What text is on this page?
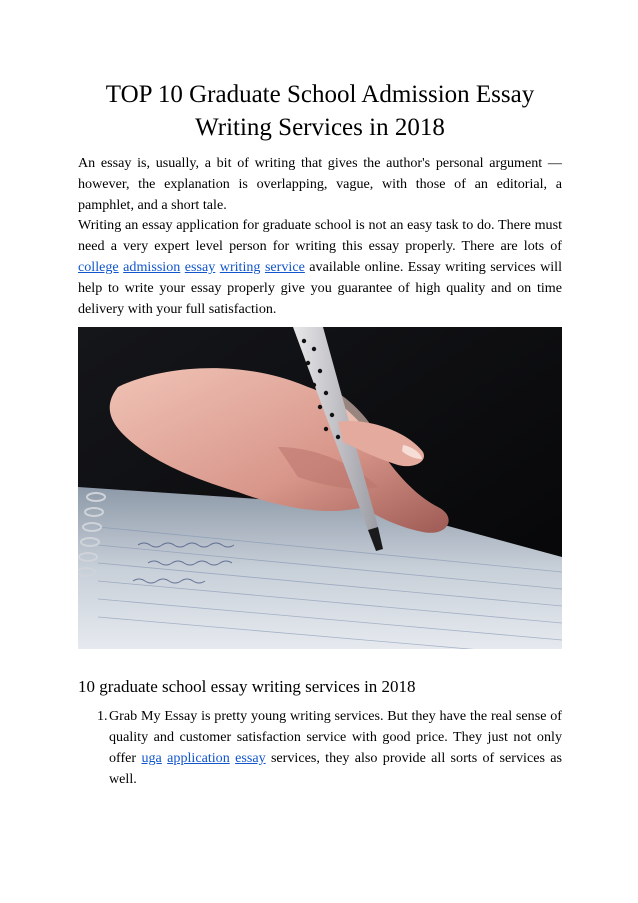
TOP 10 Graduate School Admission Essay
Writing Services in 2018

An essay is, usually, a bit of writing that gives the author's personal argument — however, the explanation is overlapping, vague, with those of an editorial, a pamphlet, and a short tale.

Writing an essay application for graduate school is not an easy task to do. There must need a very expert level person for writing this essay properly. There are lots of college admission essay writing service available online. Essay writing services will help to write your essay properly give you guarantee of high quality and on time delivery with your full satisfaction.

10 graduate school essay writing services in 2018
1. Grab My Essay is pretty young writing services. But they have the real sense of quality and customer satisfaction service with good price. They just not only offer uga application essay services, they also provide all sorts of services as well.
